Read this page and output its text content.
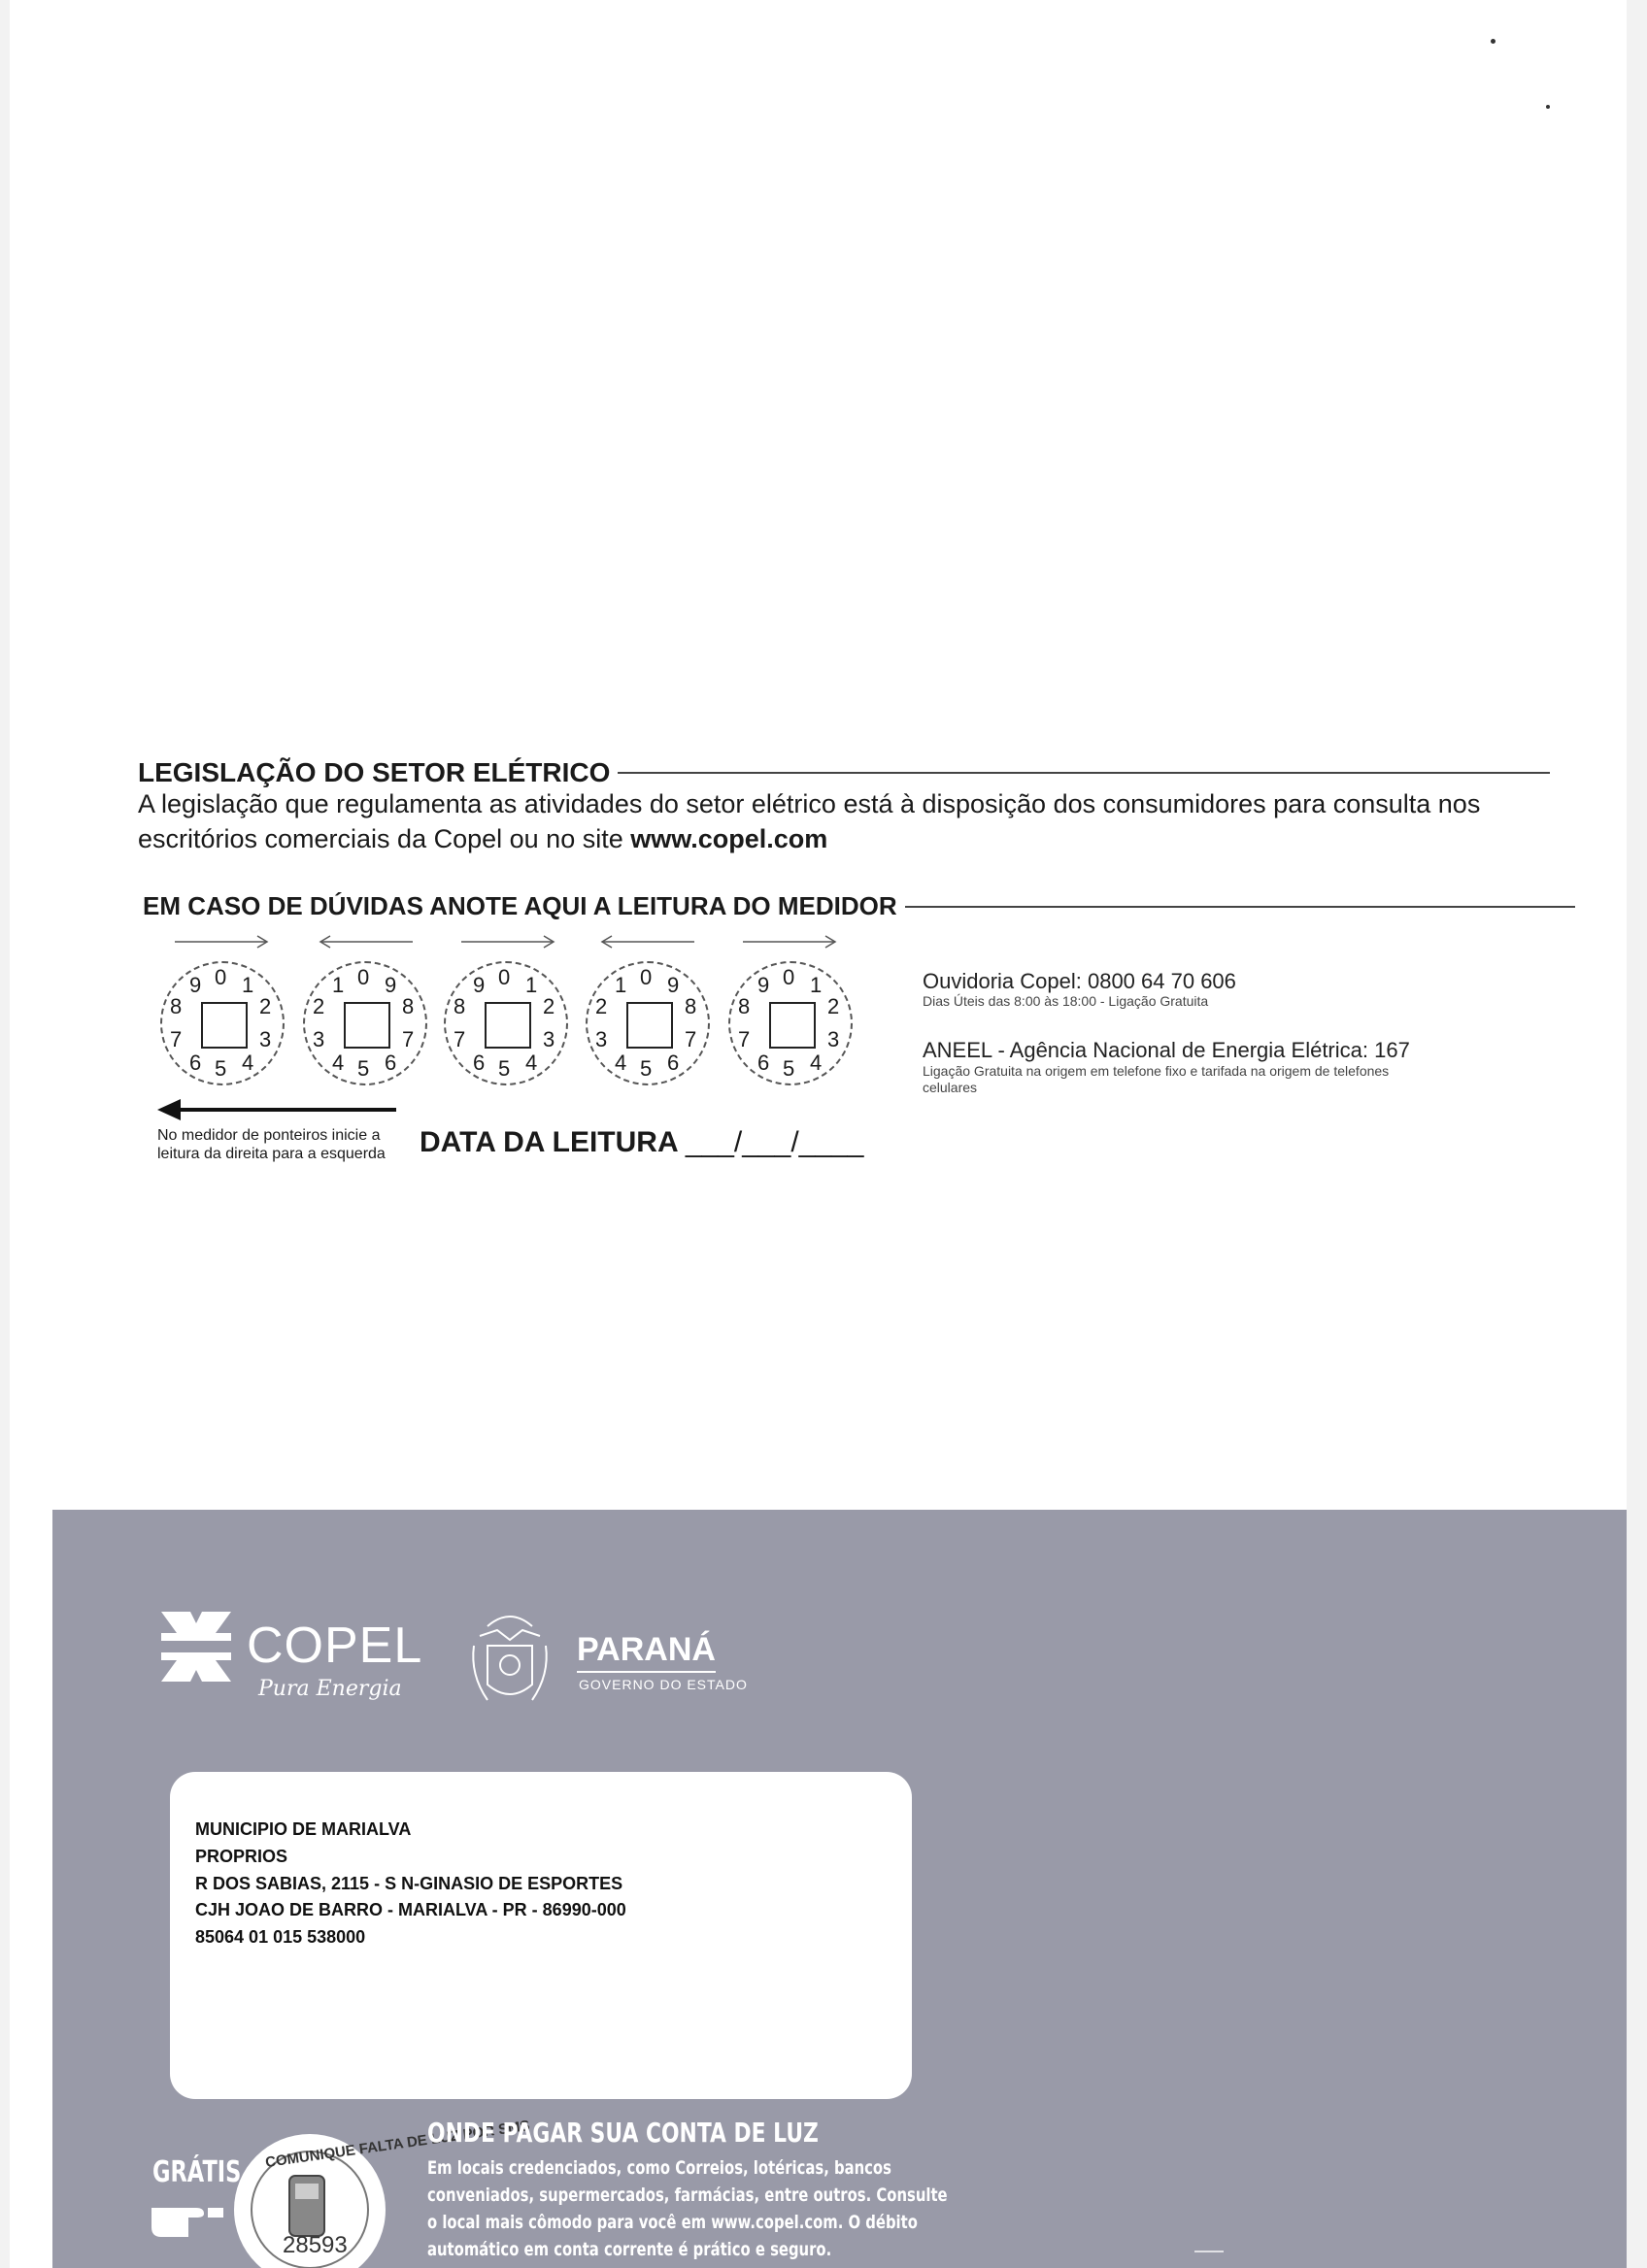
LEGISLAÇÃO DO SETOR ELÉTRICO
A legislação que regulamenta as atividades do setor elétrico está à disposição dos consumidores para consulta nos escritórios comerciais da Copel ou no site www.copel.com
EM CASO DE DÚVIDAS ANOTE AQUI A LEITURA DO MEDIDOR
0
9 1
8	2
7	3
6 5 4
0
1 9
2	8
3	7
4 5 6
0
9 1
8	2
7	3
6 5 4
0
1 9
2	8
3	7
4 5 6
0
9 1
8	2
7	3
6 5 4
No medidor de ponteiros inicie a leitura da direita para a esquerda	DATA DA LEITURA ___/___/____
Ouvidoria Copel: 0800 64 70 606
Dias Úteis das 8:00 às 18:00 - Ligação Gratuita
ANEEL - Agência Nacional de Energia Elétrica: 167
Ligação Gratuita na origem em telefone fixo e tarifada na origem de telefones celulares
COPEL
Pura Energia
PARANÁ
GOVERNO DO ESTADO
GRÁTIS
COMUNIQUE FALTA DE LUZ POR SMS
28593
MUNICIPIO DE MARIALVA
PROPRIOS
R DOS SABIAS, 2115 - S N-GINASIO DE ESPORTES
CJH JOAO DE BARRO - MARIALVA - PR - 86990-000
85064 01 015 538000
ONDE PAGAR SUA CONTA DE LUZ
Em locais credenciados, como Correios, lotéricas, bancos
conveniados, supermercados, farmácias, entre outros. Consulte
o local mais cômodo para você em www.copel.com. O débito
automático em conta corrente é prático e seguro.
